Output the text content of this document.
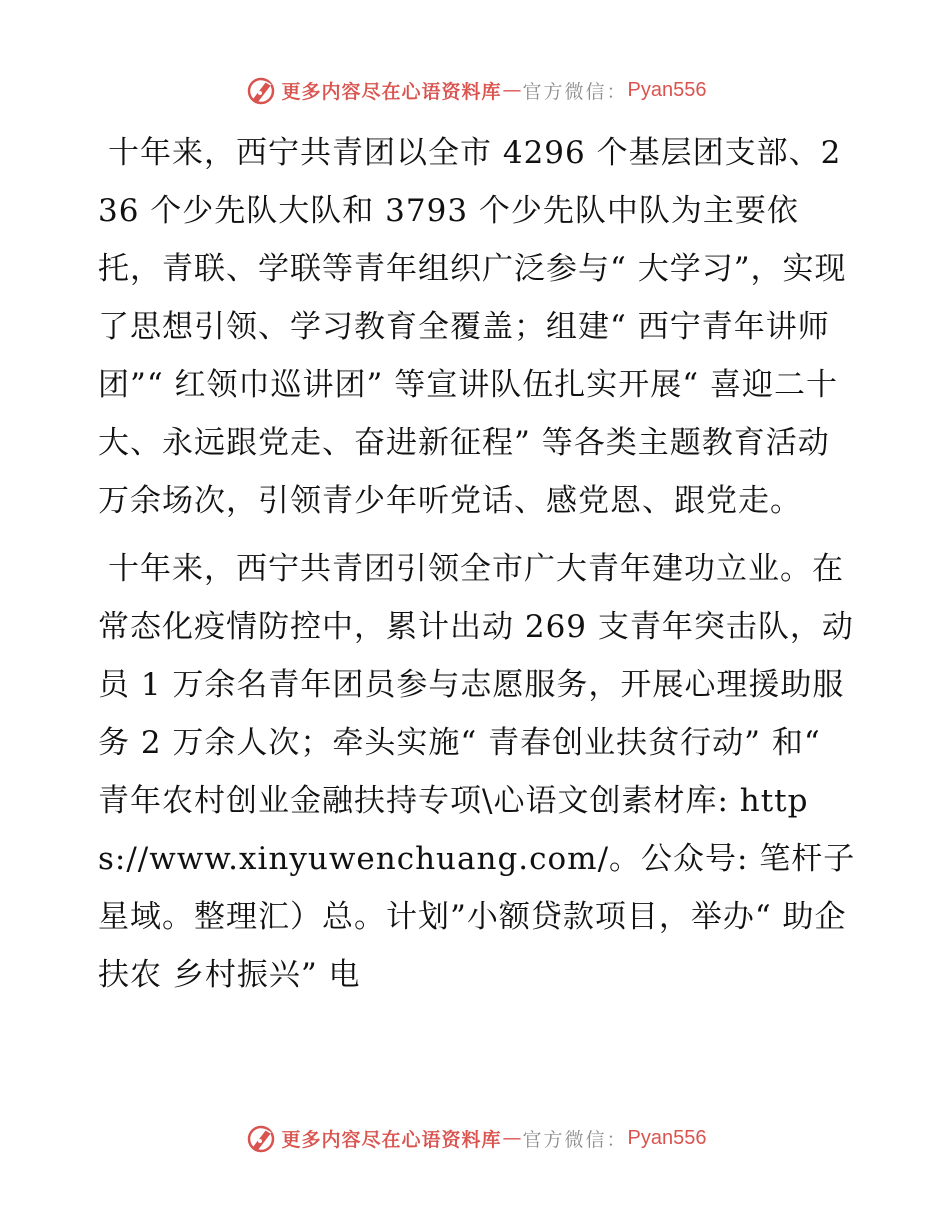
更多内容尽在心语资料库 — 官方微信： Pyan556

十年来，西宁共青团以全市 4296 个基层团支部、236 个少先队大队和 3793 个少先队中队为主要依托，青联、学联等青年组织广泛参与“ 大学习”，实现了思想引领、学习教育全覆盖；组建“ 西宁青年讲师团”“ 红领巾巡讲团” 等宣讲队伍扎实开展“ 喜迎二十大、永远跟党走、奋进新征程” 等各类主题教育活动万余场次，引领青少年听党话、感党恩、跟党走。

十年来，西宁共青团引领全市广大青年建功立业。在常态化疫情防控中，累计出动 269 支青年突击队，动员 1 万余名青年团员参与志愿服务，开展心理援助服务 2 万余人次；牵头实施“ 青春创业扶贫行动” 和“ 青年农村创业金融扶持专项\心语文创素材库: https://www.xinyuwenchuang.com/。公众号: 笔杆子星域。整理汇）总。计划”小额贷款项目，举办“ 助企扶农 乡村振兴” 电

更多内容尽在心语资料库 — 官方微信： Pyan556
